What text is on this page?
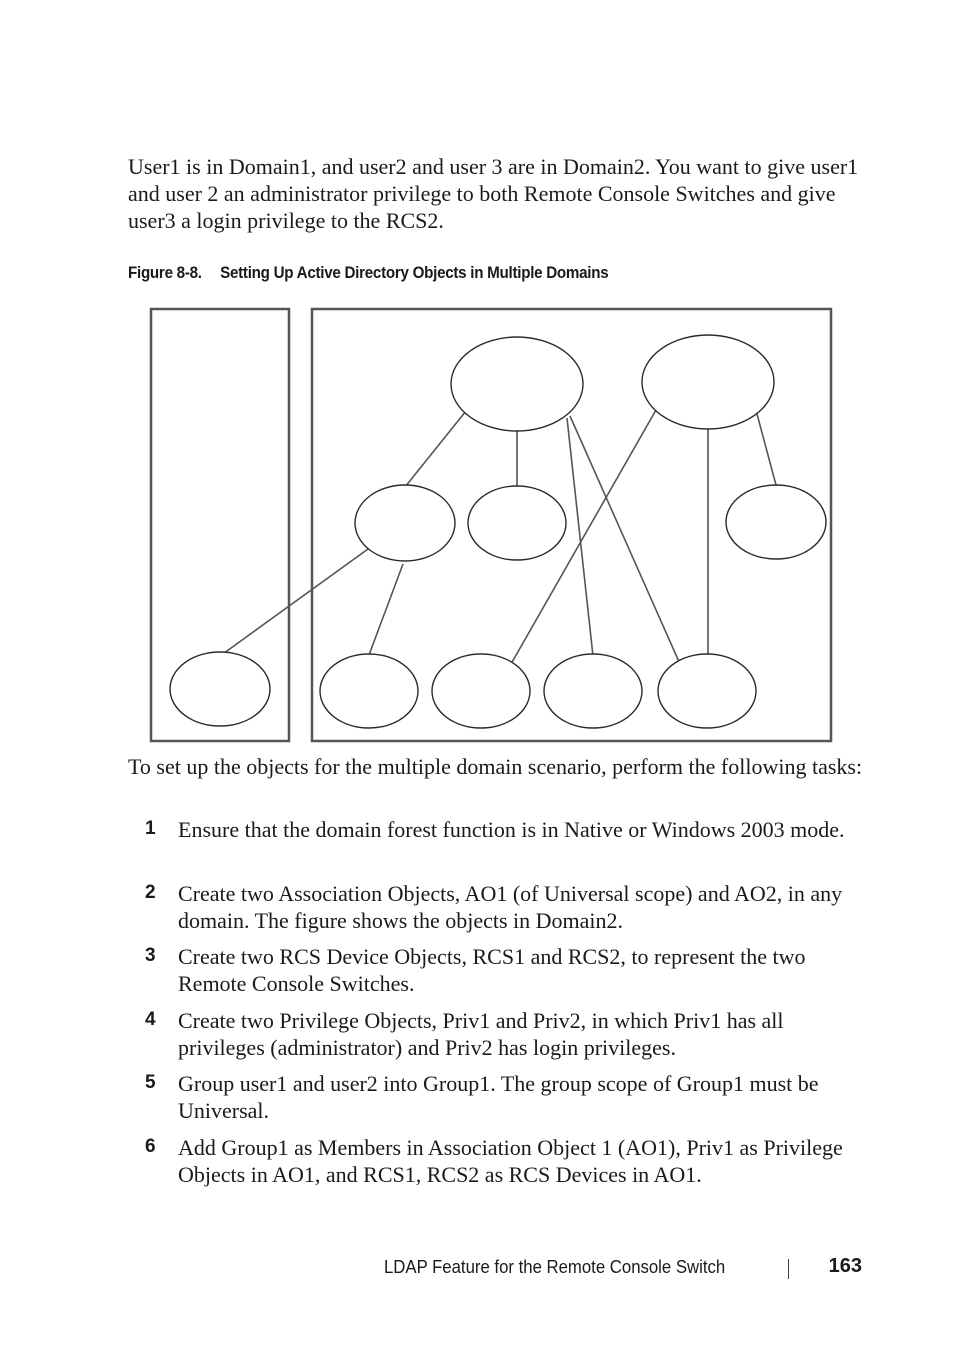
User1 is in Domain1, and user2 and user 3 are in Domain2. You want to give user1 and user 2 an administrator privilege to both Remote Console Switches and give user3 a login privilege to the RCS2.

Figure 8-8. Setting Up Active Directory Objects in Multiple Domains

To set up the objects for the multiple domain scenario, perform the following tasks:

1	Ensure that the domain forest function is in Native or Windows 2003 mode.
2	Create two Association Objects, AO1 (of Universal scope) and AO2, in any domain. The figure shows the objects in Domain2.
3	Create two RCS Device Objects, RCS1 and RCS2, to represent the two Remote Console Switches.
4	Create two Privilege Objects, Priv1 and Priv2, in which Priv1 has all privileges (administrator) and Priv2 has login privileges.
5	Group user1 and user2 into Group1. The group scope of Group1 must be Universal.
6	Add Group1 as Members in Association Object 1 (AO1), Priv1 as Privilege Objects in AO1, and RCS1, RCS2 as RCS Devices in AO1.
LDAP Feature for the Remote Console Switch	163
